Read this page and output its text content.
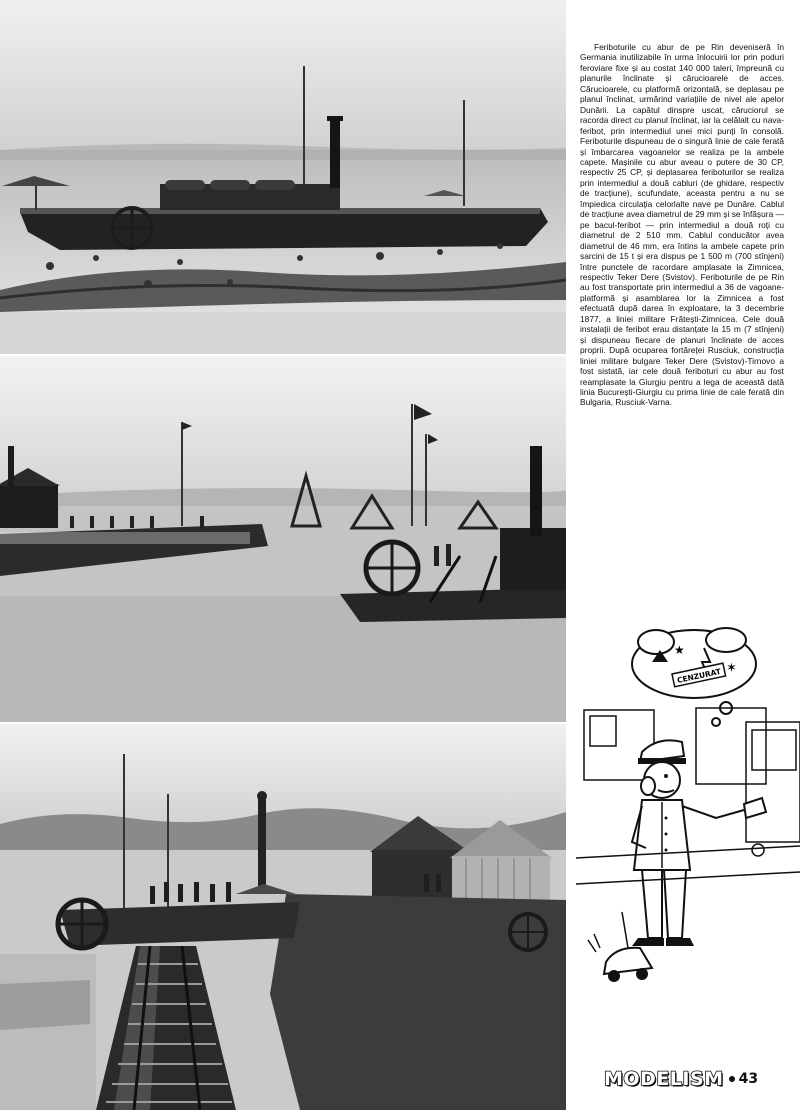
Feriboturile cu abur de pe Rin deveniseră în Germania inutilizabile în urma înlocuirii lor prin poduri feroviare fixe și au costat 140 000 taleri, împreună cu planurile înclinate și cărucioarele de acces. Cărucioarele, cu platformă orizontală, se deplasau pe planul înclinat, urmărind variațiile de nivel ale apelor Dunării. La capătul dinspre uscat, căruciorul se racorda direct cu planul înclinat, iar la celălalt cu nava-feribot, prin intermediul unei mici punți în consolă. Feriboturile dispuneau de o singură linie de cale ferată și îmbarcarea vagoanelor se realiza pe la ambele capete. Mașinile cu abur aveau o putere de 30 CP, respectiv 25 CP, și deplasarea feriboturilor se realiza prin intermediul a două cabluri (de ghidare, respectiv de tracțiune), scufundate, aceasta pentru a nu se împiedica circulația celorlalte nave pe Dunăre. Cablul de tracțiune avea diametrul de 29 mm și se înfășura — pe bacul-feribot — prin intermediul a două roți cu diametrul de 2 510 mm. Cablul conducător avea diametrul de 46 mm, era întins la ambele capete prin sarcini de 15 t și era dispus pe 1 500 m (700 stînjeni) între punctele de racordare amplasate la Zimnicea, respectiv Teker Dere (Svistov). Feriboturile de pe Rin au fost transportate prin intermediul a 36 de vagoane-platformă și asamblarea lor la Zimnicea a fost efectuată după darea în exploatare, la 3 decembrie 1877, a liniei militare Frătești-Zimnicea. Cele două instalații de feribot erau distanțate la 15 m (7 stînjeni) și dispuneau fiecare de planuri înclinate de acces proprii. După ocuparea fortăreței Rusciuk, construcția liniei militare bulgare Teker Dere (Svistov)-Tirnovo a fost sistată, iar cele două feriboturi cu abur au fost reamplasate la Giurgiu pentru a lega de această dată linia București-Giurgiu cu prima linie de cale ferată din Bulgaria, Rusciuk-Varna.

★
✶
CENZURAT
MODELISM 43
